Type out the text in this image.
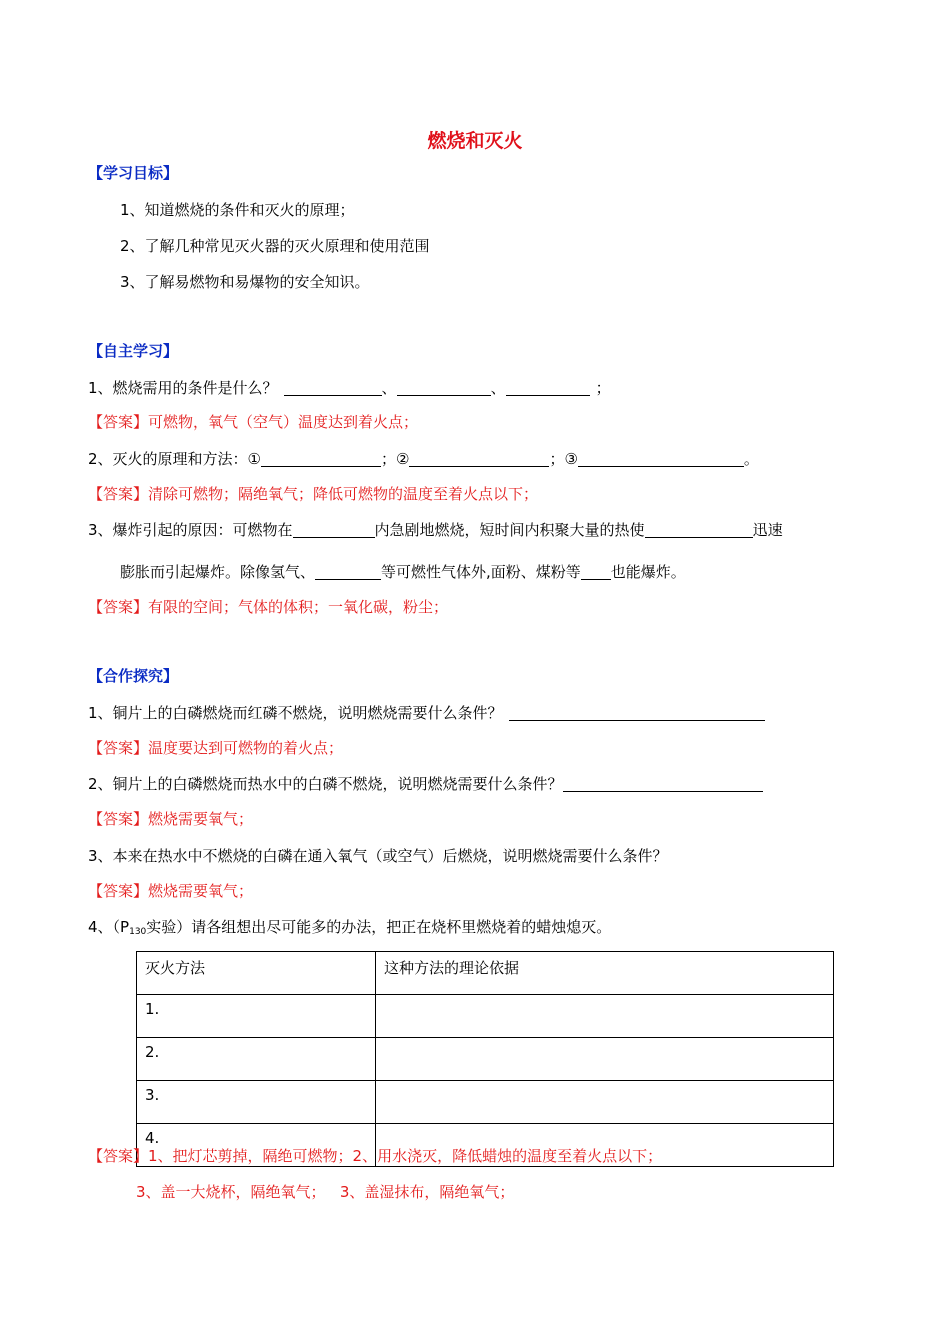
燃烧和灭火
【学习目标】
1、知道燃烧的条件和灭火的原理；
2、了解几种常见灭火器的灭火原理和使用范围
3、了解易燃物和易爆物的安全知识。
【自主学习】
1、燃烧需用的条件是什么？	、	、	；
【答案】可燃物，氧气（空气）温度达到着火点；
2、灭火的原理和方法：①	；②	；③	。
【答案】清除可燃物；隔绝氧气；降低可燃物的温度至着火点以下；
3、爆炸引起的原因：可燃物在	内急剧地燃烧，短时间内积聚大量的热使	迅速
膨胀而引起爆炸。除像氢气、	等可燃性气体外,面粉、煤粉等 也能爆炸。
【答案】有限的空间；气体的体积；一氧化碳，粉尘；
【合作探究】
1、铜片上的白磷燃烧而红磷不燃烧，说明燃烧需要什么条件？
【答案】温度要达到可燃物的着火点；
2、铜片上的白磷燃烧而热水中的白磷不燃烧，说明燃烧需要什么条件？
【答案】燃烧需要氧气；
3、本来在热水中不燃烧的白磷在通入氧气（或空气）后燃烧，说明燃烧需要什么条件？
【答案】燃烧需要氧气；
4、（$P_{130}$实验）请各组想出尽可能多的办法，把正在烧杯里燃烧着的蜡烛熄灭。
灭火方法	这种方法的理论依据
1.	
2.	
3.	
4.	
【答案】1、把灯芯剪掉，隔绝可燃物；2、用水浇灭，降低蜡烛的温度至着火点以下；
3、盖一大烧杯，隔绝氧气；   3、盖湿抹布，隔绝氧气；
